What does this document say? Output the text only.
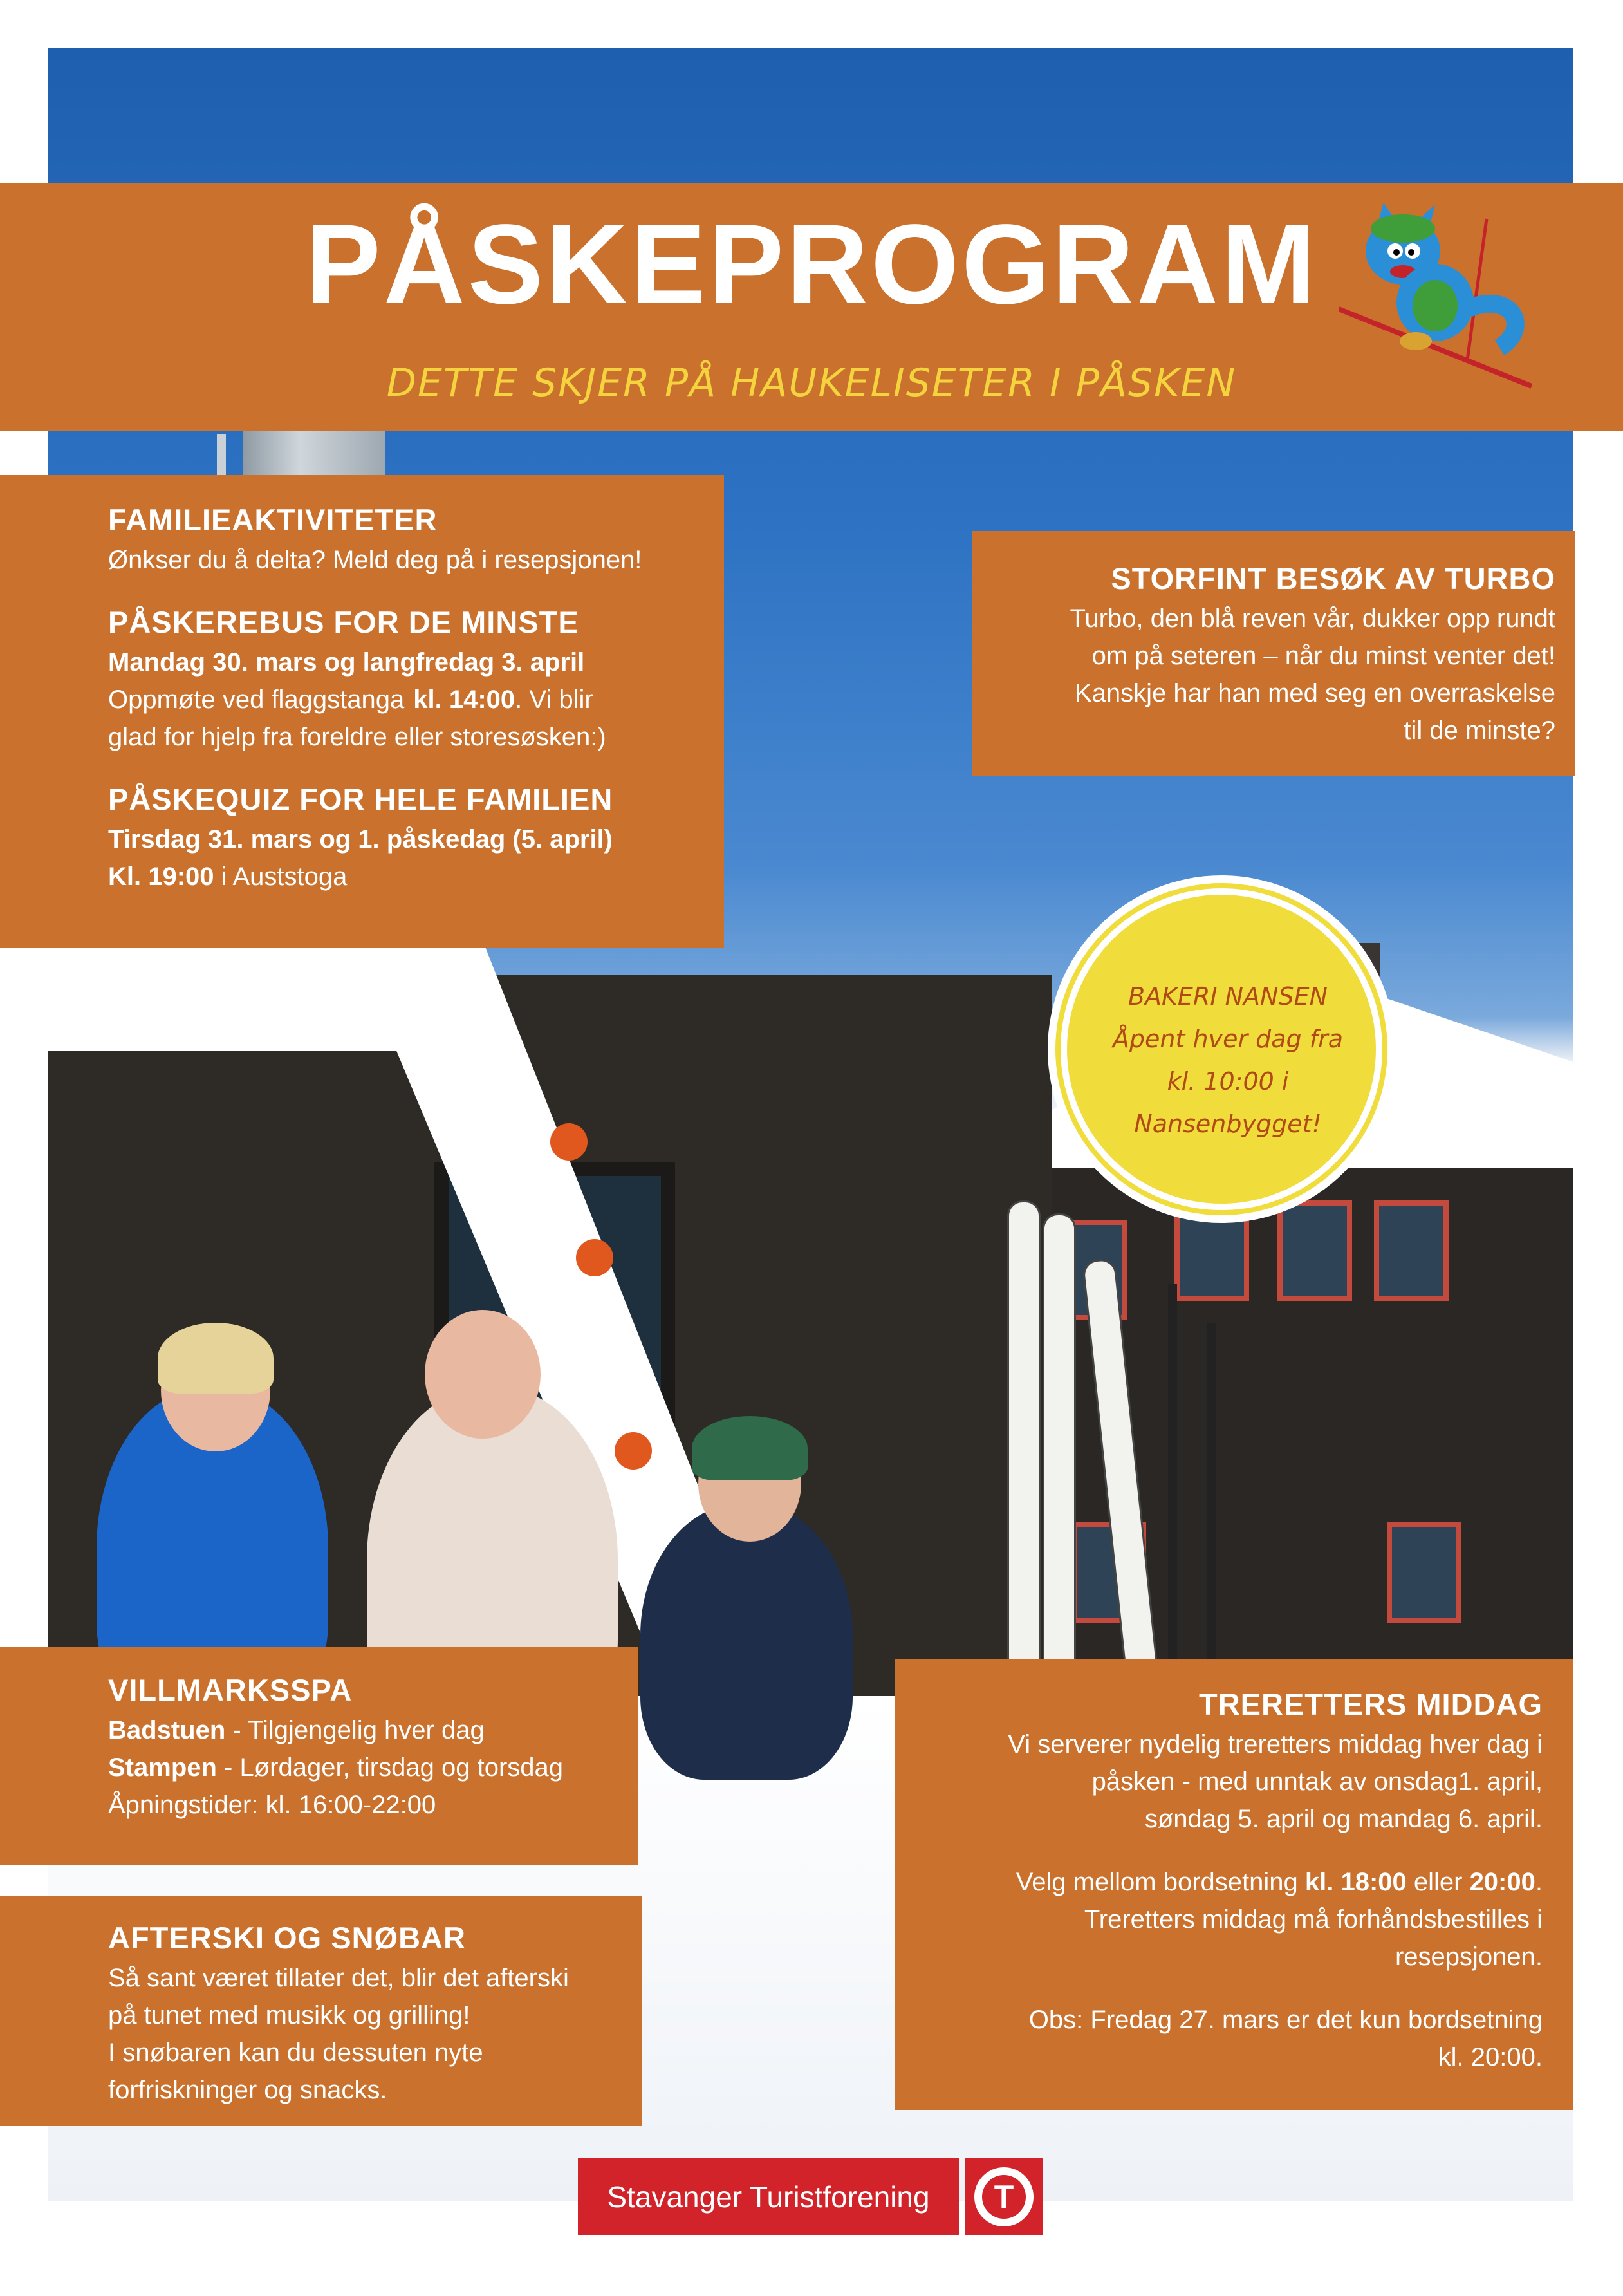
PÅSKEPROGRAM
DETTE SKJER PÅ HAUKELISETER I PÅSKEN

FAMILIEAKTIVITETER

Ønkser du å delta? Meld deg på i resepsjonen!

PÅSKEREBUS FOR DE MINSTE

Mandag 30. mars og langfredag 3. april

Oppmøte ved flaggstanga kl. 14:00. Vi blir

glad for hjelp fra foreldre eller storesøsken:)

PÅSKEQUIZ FOR HELE FAMILIEN

Tirsdag 31. mars og 1. påskedag (5. april)

Kl. 19:00 i Auststoga

STORFINT BESØK AV TURBO

Turbo, den blå reven vår, dukker opp rundt

om på seteren – når du minst venter det!

Kanskje har han med seg en overraskelse

til de minste?

BAKERI NANSEN
Åpent hver dag fra
kl. 10:00 i
Nansenbygget!

VILLMARKSSPA

Badstuen - Tilgjengelig hver dag

Stampen - Lørdager, tirsdag og torsdag

Åpningstider: kl. 16:00-22:00

AFTERSKI OG SNØBAR

Så sant været tillater det, blir det afterski

på tunet med musikk og grilling!

I snøbaren kan du dessuten nyte

forfriskninger og snacks.

TRERETTERS MIDDAG

Vi serverer nydelig treretters middag hver dag i

påsken - med unntak av onsdag1. april,

søndag 5. april og mandag 6. april.

Velg mellom bordsetning kl. 18:00 eller 20:00.

Treretters middag må forhåndsbestilles i

resepsjonen.

Obs: Fredag 27. mars er det kun bordsetning

kl. 20:00.

Stavanger Turistforening	T
